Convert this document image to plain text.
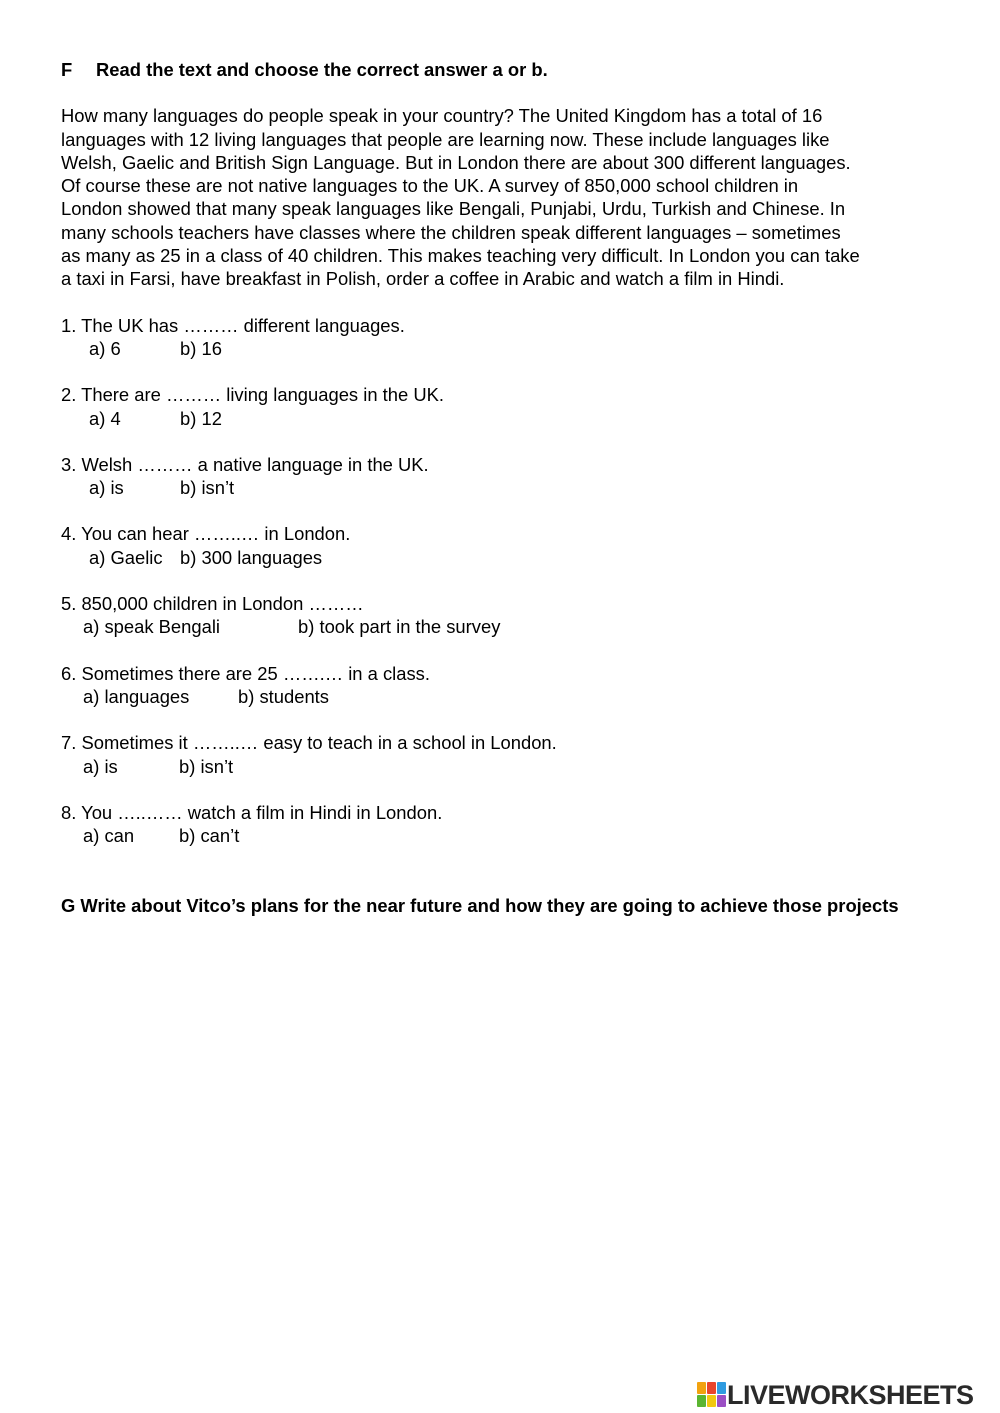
F Read the text and choose the correct answer a or b.
How many languages do people speak in your country? The United Kingdom has a total of 16
languages with 12 living languages that people are learning now. These include languages like
Welsh, Gaelic and British Sign Language. But in London there are about 300 different languages.
Of course these are not native languages to the UK. A survey of 850,000 school children in
London showed that many speak languages like Bengali, Punjabi, Urdu, Turkish and Chinese. In
many schools teachers have classes where the children speak different languages – sometimes
as many as 25 in a class of 40 children. This makes teaching very difficult. In London you can take
a taxi in Farsi, have breakfast in Polish, order a coffee in Arabic and watch a film in Hindi.
1. The UK has ……… different languages.
a) 6	b) 16
2. There are ……… living languages in the UK.
a) 4	b) 12
3. Welsh ……… a native language in the UK.
a) is	b) isn’t
4. You can hear ……..… in London.
a) Gaelic b) 300 languages
5. 850,000 children in London ………
a) speak Bengali	b) took part in the survey
6. Sometimes there are 25 …….… in a class.
a) languages	b) students
7. Sometimes it ……..… easy to teach in a school in London.
a) is	b) isn’t
8. You …..…… watch a film in Hindi in London.
a) can b) can’t
G Write about Vitco’s plans for the near future and how they are going to achieve those projects
LIVEWORKSHEETS
